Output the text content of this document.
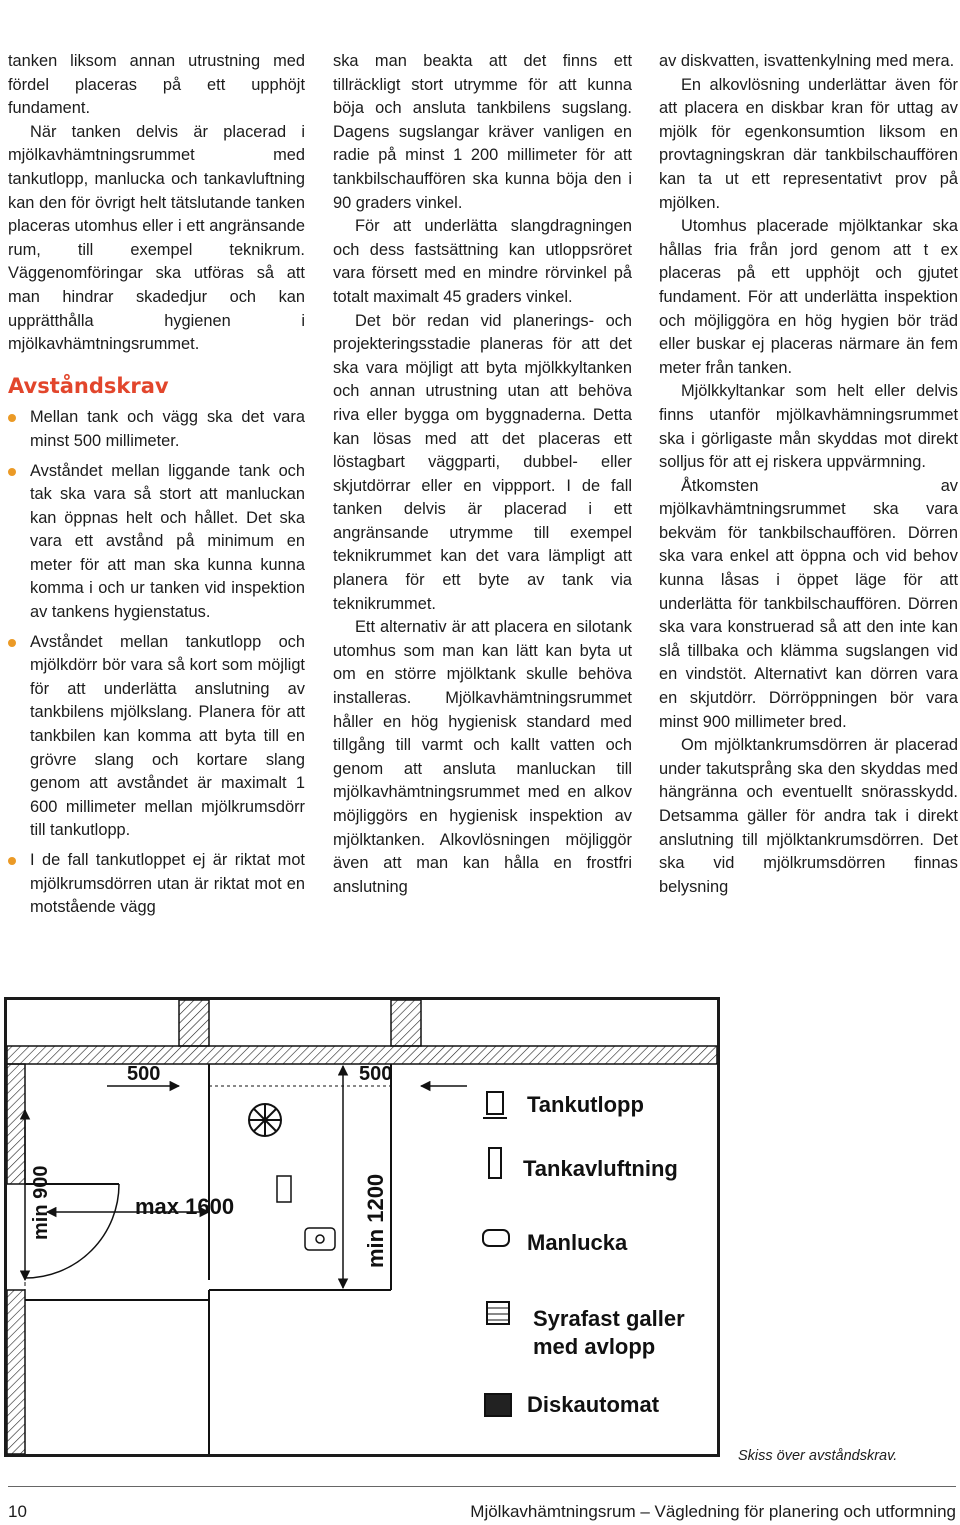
tanken liksom annan utrustning med fördel placeras på ett upphöjt fundament.

När tanken delvis är placerad i mjölkavhämtningsrummet med tankutlopp, manlucka och tankavluftning kan den för övrigt helt tätslutande tanken placeras utomhus eller i ett angränsande rum, till exempel teknikrum. Väggenomföringar ska utföras så att man hindrar skadedjur och kan upprätthålla hygienen i mjölkavhämtningsrummet.

Avståndskrav
Mellan tank och vägg ska det vara minst 500 millimeter.
Avståndet mellan liggande tank och tak ska vara så stort att manluckan kan öppnas helt och hållet. Det ska vara ett avstånd på minimum en meter för att man ska kunna kunna komma i och ur tanken vid inspektion av tankens hygienstatus.
Avståndet mellan tankutlopp och mjölkdörr bör vara så kort som möjligt för att underlätta anslutning av tankbilens mjölkslang. Planera för att tankbilen kan komma att byta till en grövre slang och kortare slang genom att avståndet är maximalt 1 600 millimeter mellan mjölkrumsdörr till tankutlopp.
I de fall tankutloppet ej är riktat mot mjölkrumsdörren utan är riktat mot en motstående vägg

ska man beakta att det finns ett tillräckligt stort utrymme för att kunna böja och ansluta tankbilens sugslang. Dagens sugslangar kräver vanligen en radie på minst 1 200 millimeter för att tankbilschauffören ska kunna böja den i 90 graders vinkel.

För att underlätta slangdragningen och dess fastsättning kan utloppsröret vara försett med en mindre rörvinkel på totalt maximalt 45 graders vinkel.

Det bör redan vid planerings- och projekteringsstadie planeras för att det ska vara möjligt att byta mjölkkyltanken och annan utrustning utan att behöva riva eller bygga om byggnaderna. Detta kan lösas med att det placeras ett löstagbart väggparti, dubbel- eller skjutdörrar eller en vippport. I de fall tanken delvis är placerad i ett angränsande utrymme till exempel teknikrummet kan det vara lämpligt att planera för ett byte av tank via teknikrummet.

Ett alternativ är att placera en silotank utomhus som man kan lätt kan byta ut om en större mjölktank skulle behöva installeras. Mjölkavhämtningsrummet håller en hög hygienisk standard med tillgång till varmt och kallt vatten och genom att ansluta manluckan till mjölkavhämtningsrummet med en alkov möjliggörs en hygienisk inspektion av mjölktanken. Alkovlösningen möjliggör även att man kan hålla en frostfri anslutning

av diskvatten, isvattenkylning med mera.

En alkovlösning underlättar även för att placera en diskbar kran för uttag av mjölk för egenkonsumtion liksom en provtagningskran där tankbilschauffören kan ta ut ett representativt prov på mjölken.

Utomhus placerade mjölktankar ska hållas fria från jord genom att t ex placeras på ett upphöjt och gjutet fundament. För att underlätta inspektion och möjliggöra en hög hygien bör träd eller buskar ej placeras närmare än fem meter från tanken.

Mjölkkyltankar som helt eller delvis finns utanför mjölkavhämningsrummet ska i görligaste mån skyddas mot direkt solljus för att ej riskera uppvärmning.

Åtkomsten av mjölkavhämtningsrummet ska vara bekväm för tankbilschauffören. Dörren ska vara enkel att öppna och vid behov kunna låsas i öppet läge för att underlätta för tankbilschauffören. Dörren ska vara konstruerad så att den inte kan slå tillbaka och klämma sugslangen vid en vindstöt. Alternativt kan dörren vara en skjutdörr. Dörröppningen bör vara minst 900 millimeter bred.

Om mjölktankrumsdörren är placerad under takutsprång ska den skyddas med hängränna och eventuellt snörasskydd. Detsamma gäller för andra tak i direkt anslutning till mjölktankrumsdörren. Det ska vid mjölkrumsdörren finnas belysning

500	500
min 900	max 1600	min 1200
Tankutlopp
Tankavluftning
Manlucka
Syrafast galler med avlopp
Diskautomat
Skiss över avståndskrav.
10	Mjölkavhämtningsrum – Vägledning för planering och utformning
